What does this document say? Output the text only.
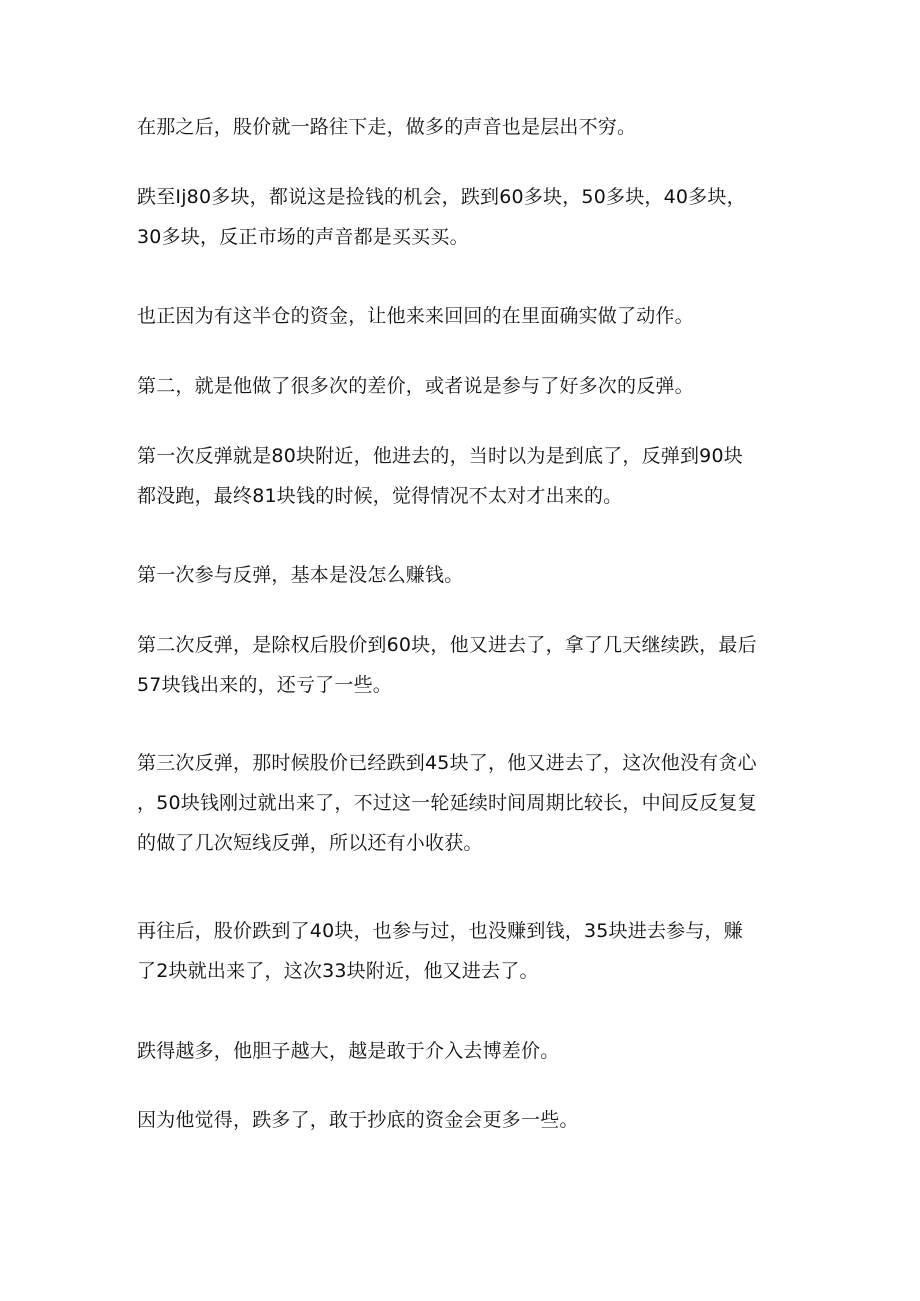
在那之后，股价就一路往下走，做多的声音也是层出不穷。

跌至Ⅰj80多块，都说这是捡钱的机会，跌到60多块，50多块，40多块，
30多块，反正市场的声音都是买买买。

也正因为有这半仓的资金，让他来来回回的在里面确实做了动作。

第二，就是他做了很多次的差价，或者说是参与了好多次的反弹。

第一次反弹就是80块附近，他进去的，当时以为是到底了，反弹到90块
都没跑，最终81块钱的时候，觉得情况不太对才出来的。

第一次参与反弹，基本是没怎么赚钱。

第二次反弹，是除权后股价到60块，他又进去了，拿了几天继续跌，最后
57块钱出来的，还亏了一些。

第三次反弹，那时候股价已经跌到45块了，他又进去了，这次他没有贪心
，50块钱刚过就出来了，不过这一轮延续时间周期比较长，中间反反复复
的做了几次短线反弹，所以还有小收获。

再往后，股价跌到了40块，也参与过，也没赚到钱，35块进去参与，赚
了2块就出来了，这次33块附近，他又进去了。

跌得越多，他胆子越大，越是敢于介入去博差价。

因为他觉得，跌多了，敢于抄底的资金会更多一些。
